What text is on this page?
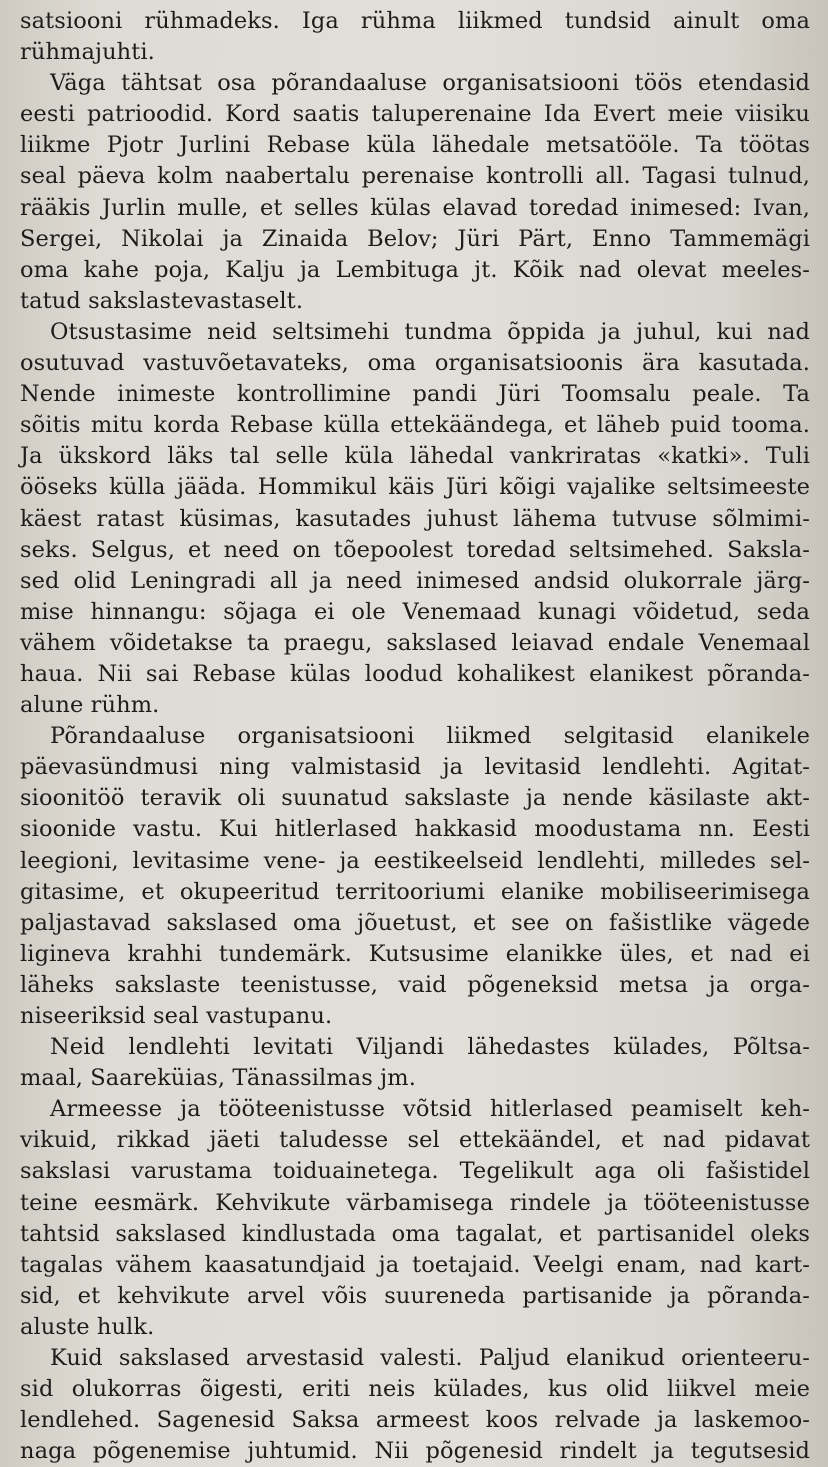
satsiooni rühmadeks. Iga rühma liikmed tundsid ainult oma
rühmajuhti.
Väga tähtsat osa põrandaaluse organisatsiooni töös etendasid
eesti patrioodid. Kord saatis taluperenaine Ida Evert meie viisiku
liikme Pjotr Jurlini Rebase küla lähedale metsatööle. Ta töötas
seal päeva kolm naabertalu perenaise kontrolli all. Tagasi tulnud,
rääkis Jurlin mulle, et selles külas elavad toredad inimesed: Ivan,
Sergei, Nikolai ja Zinaida Belov; Jüri Pärt, Enno Tammemägi
oma kahe poja, Kalju ja Lembituga jt. Kõik nad olevat meeles-
tatud sakslastevastaselt.
Otsustasime neid seltsimehi tundma õppida ja juhul, kui nad
osutuvad vastuvõetavateks, oma organisatsioonis ära kasutada.
Nende inimeste kontrollimine pandi Jüri Toomsalu peale. Ta
sõitis mitu korda Rebase külla ettekäändega, et läheb puid tooma.
Ja ükskord läks tal selle küla lähedal vankriratas «katki». Tuli
ööseks külla jääda. Hommikul käis Jüri kõigi vajalike seltsimeeste
käest ratast küsimas, kasutades juhust lähema tutvuse sõlmimi-
seks. Selgus, et need on tõepoolest toredad seltsimehed. Saksla-
sed olid Leningradi all ja need inimesed andsid olukorrale järg-
mise hinnangu: sõjaga ei ole Venemaad kunagi võidetud, seda
vähem võidetakse ta praegu, sakslased leiavad endale Venemaal
haua. Nii sai Rebase külas loodud kohalikest elanikest põranda-
alune rühm.
Põrandaaluse organisatsiooni liikmed selgitasid elanikele
päevasündmusi ning valmistasid ja levitasid lendlehti. Agitat-
sioonitöö teravik oli suunatud sakslaste ja nende käsilaste akt-
sioonide vastu. Kui hitlerlased hakkasid moodustama nn. Eesti
leegioni, levitasime vene- ja eestikeelseid lendlehti, milledes sel-
gitasime, et okupeeritud territooriumi elanike mobiliseerimisega
paljastavad sakslased oma jõuetust, et see on fašistlike vägede
ligineva krahhi tundemärk. Kutsusime elanikke üles, et nad ei
läheks sakslaste teenistusse, vaid põgeneksid metsa ja orga-
niseeriksid seal vastupanu.
Neid lendlehti levitati Viljandi lähedastes külades, Põltsa-
maal, Saareküias, Tänassilmas jm.
Armeesse ja tööteenistusse võtsid hitlerlased peamiselt keh-
vikuid, rikkad jäeti taludesse sel ettekäändel, et nad pidavat
sakslasi varustama toiduainetega. Tegelikult aga oli fašistidel
teine eesmärk. Kehvikute värbamisega rindele ja tööteenistusse
tahtsid sakslased kindlustada oma tagalat, et partisanidel oleks
tagalas vähem kaasatundjaid ja toetajaid. Veelgi enam, nad kart-
sid, et kehvikute arvel võis suureneda partisanide ja põranda-
aluste hulk.
Kuid sakslased arvestasid valesti. Paljud elanikud orienteeru-
sid olukorras õigesti, eriti neis külades, kus olid liikvel meie
lendlehed. Sagenesid Saksa armeest koos relvade ja laskemoo-
naga põgenemise juhtumid. Nii põgenesid rindelt ja tegutsesid
